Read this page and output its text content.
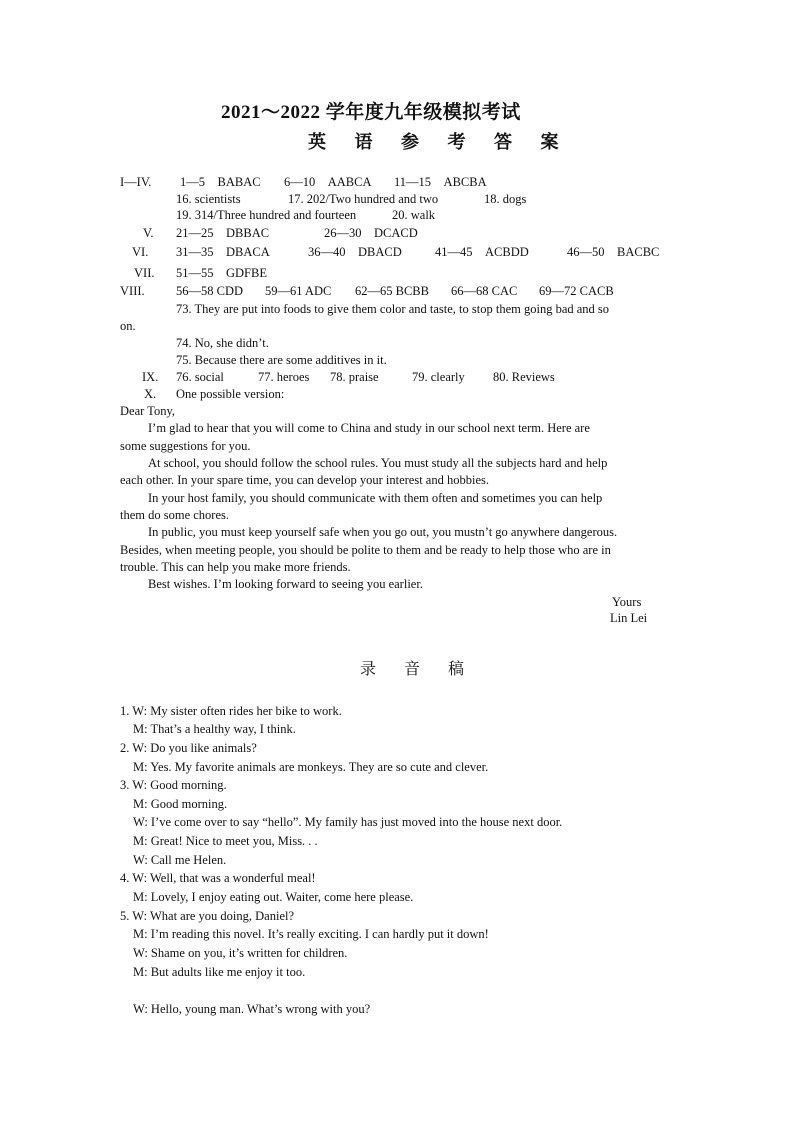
2021～2022 学年度九年级模拟考试
英 语 参 考 答 案
I—IV. 1—5　BABAC 6—10　AABCA 11—15　ABCBA
16. scientists	17. 202/Two hundred and two	18. dogs
19. 314/Three hundred and fourteen	20. walk
V. 21—25　DBBAC	26—30　DCACD
VI. 31—35　DBACA	36—40　DBACD	41—45　ACBDD	46—50　BACBC
VII. 51—55　GDFBE
VIII.	56—58 CDD 59—61 ADC 62—65 BCBB 66—68 CAC 69—72 CACB
73. They are put into foods to give them color and taste, to stop them going bad and so
on.
74. No, she didn’t.
75. Because there are some additives in it.
IX. 76. social	77. heroes 78. praise	79. clearly 80. Reviews
X. One possible version:
Dear Tony,
I’m glad to hear that you will come to China and study in our school next term. Here are
some suggestions for you.
At school, you should follow the school rules. You must study all the subjects hard and help
each other. In your spare time, you can develop your interest and hobbies.
In your host family, you should communicate with them often and sometimes you can help
them do some chores.
In public, you must keep yourself safe when you go out, you mustn’t go anywhere dangerous.
Besides, when meeting people, you should be polite to them and be ready to help those who are in
trouble. This can help you make more friends.
Best wishes. I’m looking forward to seeing you earlier.
Yours
Lin Lei
录 音 稿
1. W: My sister often rides her bike to work.
M: That’s a healthy way, I think.
2. W: Do you like animals?
M: Yes. My favorite animals are monkeys. They are so cute and clever.
3. W: Good morning.
M: Good morning.
W: I’ve come over to say “hello”. My family has just moved into the house next door.
M: Great! Nice to meet you, Miss. . .
W: Call me Helen.
4. W: Well, that was a wonderful meal!
M: Lovely, I enjoy eating out. Waiter, come here please.
5. W: What are you doing, Daniel?
M: I’m reading this novel. It’s really exciting. I can hardly put it down!
W: Shame on you, it’s written for children.
M: But adults like me enjoy it too.
W: Hello, young man. What’s wrong with you?
